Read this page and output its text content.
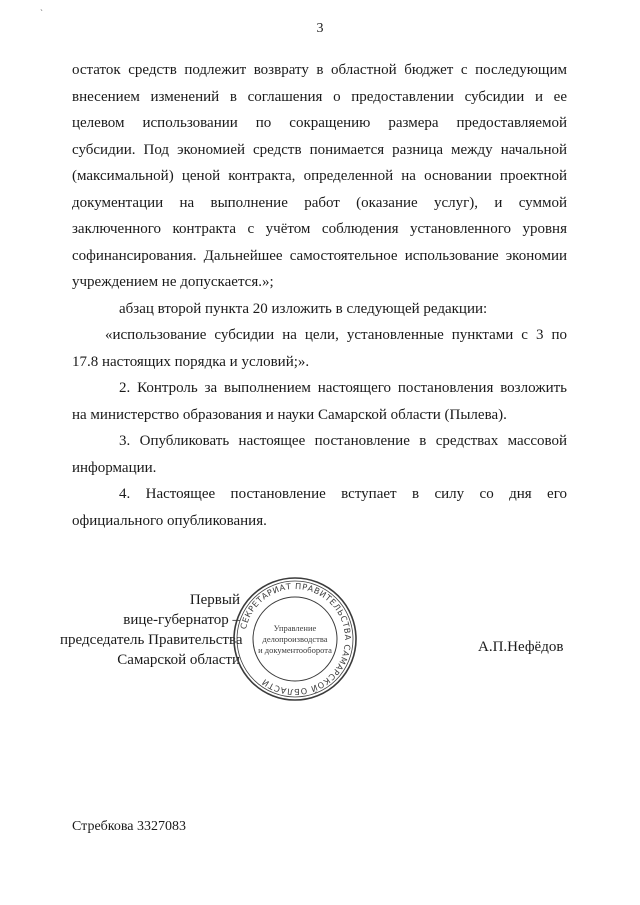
`
3

остаток средств подлежит возврату в областной бюджет с последующим

внесением изменений в соглашения о предоставлении субсидии и ее

целевом использовании по сокращению размера предоставляемой

субсидии. Под экономией средств понимается разница между начальной

(максимальной) ценой контракта, определенной на основании проектной

документации на выполнение работ (оказание услуг), и суммой

заключенного контракта с учётом соблюдения установленного уровня

софинансирования. Дальнейшее самостоятельное использование экономии

учреждением не допускается.»;

абзац второй пункта 20 изложить в следующей редакции:

«использование субсидии на цели, установленные пунктами с 3 по

17.8 настоящих порядка и условий;».

2. Контроль за выполнением настоящего постановления возложить

на министерство образования и науки Самарской области (Пылева).

3. Опубликовать настоящее постановление в средствах массовой

информации.

4. Настоящее постановление вступает в силу со дня его

официального опубликования.

Первый
вице-губернатор –
председатель Правительства
Самарской области
СЕКРЕТАРИАТ ПРАВИТЕЛЬСТВА САМАРСКОЙ ОБЛАСТИ
Управление
делопроизводства
и документооборота	А.П.Нефёдов
Стребкова 3327083
